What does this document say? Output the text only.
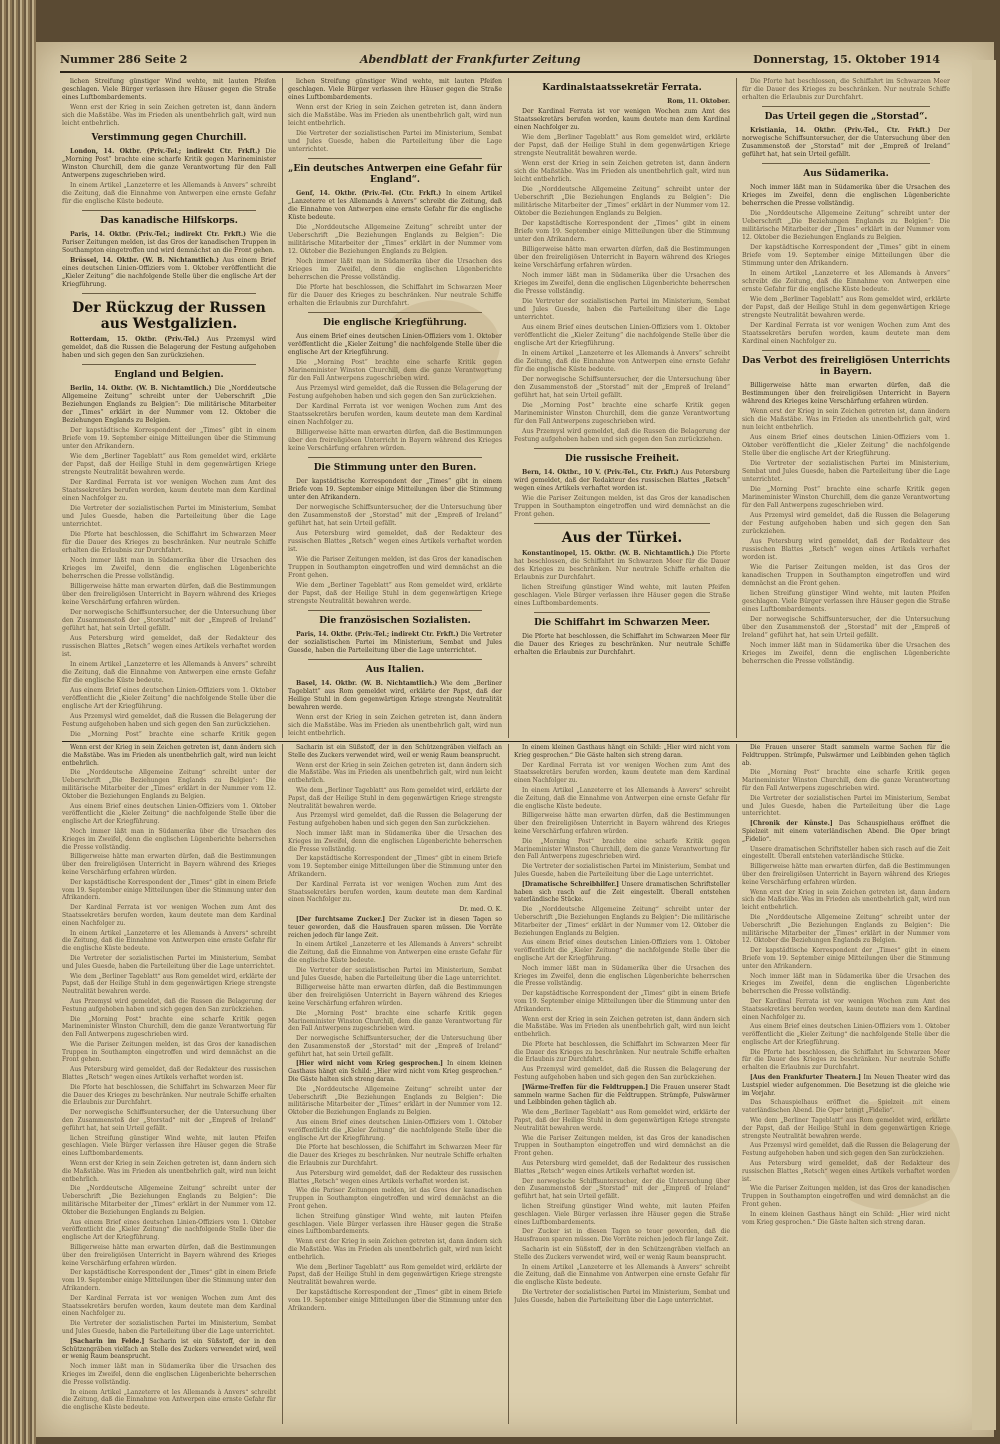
Nummer 286 Seite 2	Abendblatt der Frankfurter Zeitung	Donnerstag, 15. Oktober 1914

lichen Streifung günstiger Wind wehte, mit lauten Pfeifen geschlagen. Viele Bürger verlassen ihre Häuser gegen die Straße eines Luftbombardements.

Wenn erst der Krieg in sein Zeichen getreten ist, dann ändern sich die Maßstäbe. Was im Frieden als unentbehrlich galt, wird nun leicht entbehrlich.

Verstimmung gegen Churchill.

London, 14. Oktbr. (Priv.-Tel.; indirekt Ctr. Frkft.) Die „Morning Post“ brachte eine scharfe Kritik gegen Marineminister Winston Churchill, dem die ganze Verantwortung für den Fall Antwerpens zugeschrieben wird.

In einem Artikel „Lanzeterre et les Allemands à Anvers“ schreibt die Zeitung, daß die Einnahme von Antwerpen eine ernste Gefahr für die englische Küste bedeute.

Das kanadische Hilfskorps.

Paris, 14. Oktbr. (Priv.-Tel.; indirekt Ctr. Frkft.) Wie die Pariser Zeitungen melden, ist das Gros der kanadischen Truppen in Southampton eingetroffen und wird demnächst an die Front gehen.

Brüssel, 14. Oktbr. (W. B. Nichtamtlich.) Aus einem Brief eines deutschen Linien-Offiziers vom 1. Oktober veröffentlicht die „Kieler Zeitung“ die nachfolgende Stelle über die englische Art der Kriegführung.

Der Rückzug der Russen aus Westgalizien.

Rotterdam, 15. Oktbr. (Priv.-Tel.) Aus Przemysl wird gemeldet, daß die Russen die Belagerung der Festung aufgehoben haben und sich gegen den San zurückziehen.

England und Belgien.

Berlin, 14. Oktbr. (W. B. Nichtamtlich.) Die „Norddeutsche Allgemeine Zeitung“ schreibt unter der Ueberschrift „Die Beziehungen Englands zu Belgien“: Die militärische Mitarbeiter der „Times“ erklärt in der Nummer vom 12. Oktober die Beziehungen Englands zu Belgien.

Der kapstädtische Korrespondent der „Times“ gibt in einem Briefe vom 19. September einige Mitteilungen über die Stimmung unter den Afrikandern.

Wie dem „Berliner Tageblatt“ aus Rom gemeldet wird, erklärte der Papst, daß der Heilige Stuhl in dem gegenwärtigen Kriege strengste Neutralität bewahren werde.

Der Kardinal Ferrata ist vor wenigen Wochen zum Amt des Staatssekretärs berufen worden, kaum deutete man dem Kardinal einen Nachfolger zu.

Die Vertreter der sozialistischen Partei im Ministerium, Sembat und Jules Guesde, haben die Parteileitung über die Lage unterrichtet.

Die Pforte hat beschlossen, die Schiffahrt im Schwarzen Meer für die Dauer des Krieges zu beschränken. Nur neutrale Schiffe erhalten die Erlaubnis zur Durchfahrt.

Noch immer läßt man in Südamerika über die Ursachen des Krieges im Zweifel, denn die englischen Lügenberichte beherrschen die Presse vollständig.

Billigerweise hätte man erwarten dürfen, daß die Bestimmungen über den freireligiösen Unterricht in Bayern während des Krieges keine Verschärfung erfahren würden.

Der norwegische Schiffsuntersucher, der die Untersuchung über den Zusammenstoß der „Storstad“ mit der „Empreß of Ireland“ geführt hat, hat sein Urteil gefällt.

Aus Petersburg wird gemeldet, daß der Redakteur des russischen Blattes „Retsch“ wegen eines Artikels verhaftet worden ist.

In einem Artikel „Lanzeterre et les Allemands à Anvers“ schreibt die Zeitung, daß die Einnahme von Antwerpen eine ernste Gefahr für die englische Küste bedeute.

Aus einem Brief eines deutschen Linien-Offiziers vom 1. Oktober veröffentlicht die „Kieler Zeitung“ die nachfolgende Stelle über die englische Art der Kriegführung.

Aus Przemysl wird gemeldet, daß die Russen die Belagerung der Festung aufgehoben haben und sich gegen den San zurückziehen.

Die „Morning Post“ brachte eine scharfe Kritik gegen

lichen Streifung günstiger Wind wehte, mit lauten Pfeifen geschlagen. Viele Bürger verlassen ihre Häuser gegen die Straße eines Luftbombardements.

Wenn erst der Krieg in sein Zeichen getreten ist, dann ändern sich die Maßstäbe. Was im Frieden als unentbehrlich galt, wird nun leicht entbehrlich.

Die Vertreter der sozialistischen Partei im Ministerium, Sembat und Jules Guesde, haben die Parteileitung über die Lage unterrichtet.

„Ein deutsches Antwerpen eine Gefahr für England“.

Genf, 14. Oktbr. (Priv.-Tel. (Ctr. Frkft.) In einem Artikel „Lanzeterre et les Allemands à Anvers“ schreibt die Zeitung, daß die Einnahme von Antwerpen eine ernste Gefahr für die englische Küste bedeute.

Die „Norddeutsche Allgemeine Zeitung“ schreibt unter der Ueberschrift „Die Beziehungen Englands zu Belgien“: Die militärische Mitarbeiter der „Times“ erklärt in der Nummer vom 12. Oktober die Beziehungen Englands zu Belgien.

Noch immer läßt man in Südamerika über die Ursachen des Krieges im Zweifel, denn die englischen Lügenberichte beherrschen die Presse vollständig.

Die Pforte hat beschlossen, die Schiffahrt im Schwarzen Meer für die Dauer des Krieges zu beschränken. Nur neutrale Schiffe erhalten die Erlaubnis zur Durchfahrt.

Die englische Kriegführung.

Aus einem Brief eines deutschen Linien-Offiziers vom 1. Oktober veröffentlicht die „Kieler Zeitung“ die nachfolgende Stelle über die englische Art der Kriegführung.

Die „Morning Post“ brachte eine scharfe Kritik gegen Marineminister Winston Churchill, dem die ganze Verantwortung für den Fall Antwerpens zugeschrieben wird.

Aus Przemysl wird gemeldet, daß die Russen die Belagerung der Festung aufgehoben haben und sich gegen den San zurückziehen.

Der Kardinal Ferrata ist vor wenigen Wochen zum Amt des Staatssekretärs berufen worden, kaum deutete man dem Kardinal einen Nachfolger zu.

Billigerweise hätte man erwarten dürfen, daß die Bestimmungen über den freireligiösen Unterricht in Bayern während des Krieges keine Verschärfung erfahren würden.

Die Stimmung unter den Buren.

Der kapstädtische Korrespondent der „Times“ gibt in einem Briefe vom 19. September einige Mitteilungen über die Stimmung unter den Afrikandern.

Der norwegische Schiffsuntersucher, der die Untersuchung über den Zusammenstoß der „Storstad“ mit der „Empreß of Ireland“ geführt hat, hat sein Urteil gefällt.

Aus Petersburg wird gemeldet, daß der Redakteur des russischen Blattes „Retsch“ wegen eines Artikels verhaftet worden ist.

Wie die Pariser Zeitungen melden, ist das Gros der kanadischen Truppen in Southampton eingetroffen und wird demnächst an die Front gehen.

Wie dem „Berliner Tageblatt“ aus Rom gemeldet wird, erklärte der Papst, daß der Heilige Stuhl in dem gegenwärtigen Kriege strengste Neutralität bewahren werde.

Die französischen Sozialisten.

Paris, 14. Oktbr. (Priv.-Tel.; indirekt Ctr. Frkft.) Die Vertreter der sozialistischen Partei im Ministerium, Sembat und Jules Guesde, haben die Parteileitung über die Lage unterrichtet.

Aus Italien.

Basel, 14. Oktbr. (W. B. Nichtamtlich.) Wie dem „Berliner Tageblatt“ aus Rom gemeldet wird, erklärte der Papst, daß der Heilige Stuhl in dem gegenwärtigen Kriege strengste Neutralität bewahren werde.

Wenn erst der Krieg in sein Zeichen getreten ist, dann ändern sich die Maßstäbe. Was im Frieden als unentbehrlich galt, wird nun leicht entbehrlich.

Kardinalstaatssekretär Ferrata.

Rom, 11. Oktober.

Der Kardinal Ferrata ist vor wenigen Wochen zum Amt des Staatssekretärs berufen worden, kaum deutete man dem Kardinal einen Nachfolger zu.

Wie dem „Berliner Tageblatt“ aus Rom gemeldet wird, erklärte der Papst, daß der Heilige Stuhl in dem gegenwärtigen Kriege strengste Neutralität bewahren werde.

Wenn erst der Krieg in sein Zeichen getreten ist, dann ändern sich die Maßstäbe. Was im Frieden als unentbehrlich galt, wird nun leicht entbehrlich.

Die „Norddeutsche Allgemeine Zeitung“ schreibt unter der Ueberschrift „Die Beziehungen Englands zu Belgien“: Die militärische Mitarbeiter der „Times“ erklärt in der Nummer vom 12. Oktober die Beziehungen Englands zu Belgien.

Der kapstädtische Korrespondent der „Times“ gibt in einem Briefe vom 19. September einige Mitteilungen über die Stimmung unter den Afrikandern.

Billigerweise hätte man erwarten dürfen, daß die Bestimmungen über den freireligiösen Unterricht in Bayern während des Krieges keine Verschärfung erfahren würden.

Noch immer läßt man in Südamerika über die Ursachen des Krieges im Zweifel, denn die englischen Lügenberichte beherrschen die Presse vollständig.

Die Vertreter der sozialistischen Partei im Ministerium, Sembat und Jules Guesde, haben die Parteileitung über die Lage unterrichtet.

Aus einem Brief eines deutschen Linien-Offiziers vom 1. Oktober veröffentlicht die „Kieler Zeitung“ die nachfolgende Stelle über die englische Art der Kriegführung.

In einem Artikel „Lanzeterre et les Allemands à Anvers“ schreibt die Zeitung, daß die Einnahme von Antwerpen eine ernste Gefahr für die englische Küste bedeute.

Der norwegische Schiffsuntersucher, der die Untersuchung über den Zusammenstoß der „Storstad“ mit der „Empreß of Ireland“ geführt hat, hat sein Urteil gefällt.

Die „Morning Post“ brachte eine scharfe Kritik gegen Marineminister Winston Churchill, dem die ganze Verantwortung für den Fall Antwerpens zugeschrieben wird.

Aus Przemysl wird gemeldet, daß die Russen die Belagerung der Festung aufgehoben haben und sich gegen den San zurückziehen.

Die russische Freiheit.

Bern, 14. Oktbr., 10 V. (Priv.-Tel., Ctr. Frkft.) Aus Petersburg wird gemeldet, daß der Redakteur des russischen Blattes „Retsch“ wegen eines Artikels verhaftet worden ist.

Wie die Pariser Zeitungen melden, ist das Gros der kanadischen Truppen in Southampton eingetroffen und wird demnächst an die Front gehen.

Aus der Türkei.

Konstantinopel, 15. Oktbr. (W. B. Nichtamtlich.) Die Pforte hat beschlossen, die Schiffahrt im Schwarzen Meer für die Dauer des Krieges zu beschränken. Nur neutrale Schiffe erhalten die Erlaubnis zur Durchfahrt.

lichen Streifung günstiger Wind wehte, mit lauten Pfeifen geschlagen. Viele Bürger verlassen ihre Häuser gegen die Straße eines Luftbombardements.

Die Schiffahrt im Schwarzen Meer.

Die Pforte hat beschlossen, die Schiffahrt im Schwarzen Meer für die Dauer des Krieges zu beschränken. Nur neutrale Schiffe erhalten die Erlaubnis zur Durchfahrt.

Die Pforte hat beschlossen, die Schiffahrt im Schwarzen Meer für die Dauer des Krieges zu beschränken. Nur neutrale Schiffe erhalten die Erlaubnis zur Durchfahrt.

Das Urteil gegen die „Storstad“.

Kristiania, 14. Oktbr. (Priv.-Tel., Ctr. Frkft.) Der norwegische Schiffsuntersucher, der die Untersuchung über den Zusammenstoß der „Storstad“ mit der „Empreß of Ireland“ geführt hat, hat sein Urteil gefällt.

Aus Südamerika.

Noch immer läßt man in Südamerika über die Ursachen des Krieges im Zweifel, denn die englischen Lügenberichte beherrschen die Presse vollständig.

Die „Norddeutsche Allgemeine Zeitung“ schreibt unter der Ueberschrift „Die Beziehungen Englands zu Belgien“: Die militärische Mitarbeiter der „Times“ erklärt in der Nummer vom 12. Oktober die Beziehungen Englands zu Belgien.

Der kapstädtische Korrespondent der „Times“ gibt in einem Briefe vom 19. September einige Mitteilungen über die Stimmung unter den Afrikandern.

In einem Artikel „Lanzeterre et les Allemands à Anvers“ schreibt die Zeitung, daß die Einnahme von Antwerpen eine ernste Gefahr für die englische Küste bedeute.

Wie dem „Berliner Tageblatt“ aus Rom gemeldet wird, erklärte der Papst, daß der Heilige Stuhl in dem gegenwärtigen Kriege strengste Neutralität bewahren werde.

Der Kardinal Ferrata ist vor wenigen Wochen zum Amt des Staatssekretärs berufen worden, kaum deutete man dem Kardinal einen Nachfolger zu.

Das Verbot des freireligiösen Unterrichts in Bayern.

Billigerweise hätte man erwarten dürfen, daß die Bestimmungen über den freireligiösen Unterricht in Bayern während des Krieges keine Verschärfung erfahren würden.

Wenn erst der Krieg in sein Zeichen getreten ist, dann ändern sich die Maßstäbe. Was im Frieden als unentbehrlich galt, wird nun leicht entbehrlich.

Aus einem Brief eines deutschen Linien-Offiziers vom 1. Oktober veröffentlicht die „Kieler Zeitung“ die nachfolgende Stelle über die englische Art der Kriegführung.

Die Vertreter der sozialistischen Partei im Ministerium, Sembat und Jules Guesde, haben die Parteileitung über die Lage unterrichtet.

Die „Morning Post“ brachte eine scharfe Kritik gegen Marineminister Winston Churchill, dem die ganze Verantwortung für den Fall Antwerpens zugeschrieben wird.

Aus Przemysl wird gemeldet, daß die Russen die Belagerung der Festung aufgehoben haben und sich gegen den San zurückziehen.

Aus Petersburg wird gemeldet, daß der Redakteur des russischen Blattes „Retsch“ wegen eines Artikels verhaftet worden ist.

Wie die Pariser Zeitungen melden, ist das Gros der kanadischen Truppen in Southampton eingetroffen und wird demnächst an die Front gehen.

lichen Streifung günstiger Wind wehte, mit lauten Pfeifen geschlagen. Viele Bürger verlassen ihre Häuser gegen die Straße eines Luftbombardements.

Der norwegische Schiffsuntersucher, der die Untersuchung über den Zusammenstoß der „Storstad“ mit der „Empreß of Ireland“ geführt hat, hat sein Urteil gefällt.

Noch immer läßt man in Südamerika über die Ursachen des Krieges im Zweifel, denn die englischen Lügenberichte beherrschen die Presse vollständig.

Wenn erst der Krieg in sein Zeichen getreten ist, dann ändern sich die Maßstäbe. Was im Frieden als unentbehrlich galt, wird nun leicht entbehrlich.

Die „Norddeutsche Allgemeine Zeitung“ schreibt unter der Ueberschrift „Die Beziehungen Englands zu Belgien“: Die militärische Mitarbeiter der „Times“ erklärt in der Nummer vom 12. Oktober die Beziehungen Englands zu Belgien.

Aus einem Brief eines deutschen Linien-Offiziers vom 1. Oktober veröffentlicht die „Kieler Zeitung“ die nachfolgende Stelle über die englische Art der Kriegführung.

Noch immer läßt man in Südamerika über die Ursachen des Krieges im Zweifel, denn die englischen Lügenberichte beherrschen die Presse vollständig.

Billigerweise hätte man erwarten dürfen, daß die Bestimmungen über den freireligiösen Unterricht in Bayern während des Krieges keine Verschärfung erfahren würden.

Der kapstädtische Korrespondent der „Times“ gibt in einem Briefe vom 19. September einige Mitteilungen über die Stimmung unter den Afrikandern.

Der Kardinal Ferrata ist vor wenigen Wochen zum Amt des Staatssekretärs berufen worden, kaum deutete man dem Kardinal einen Nachfolger zu.

In einem Artikel „Lanzeterre et les Allemands à Anvers“ schreibt die Zeitung, daß die Einnahme von Antwerpen eine ernste Gefahr für die englische Küste bedeute.

Die Vertreter der sozialistischen Partei im Ministerium, Sembat und Jules Guesde, haben die Parteileitung über die Lage unterrichtet.

Wie dem „Berliner Tageblatt“ aus Rom gemeldet wird, erklärte der Papst, daß der Heilige Stuhl in dem gegenwärtigen Kriege strengste Neutralität bewahren werde.

Aus Przemysl wird gemeldet, daß die Russen die Belagerung der Festung aufgehoben haben und sich gegen den San zurückziehen.

Die „Morning Post“ brachte eine scharfe Kritik gegen Marineminister Winston Churchill, dem die ganze Verantwortung für den Fall Antwerpens zugeschrieben wird.

Wie die Pariser Zeitungen melden, ist das Gros der kanadischen Truppen in Southampton eingetroffen und wird demnächst an die Front gehen.

Aus Petersburg wird gemeldet, daß der Redakteur des russischen Blattes „Retsch“ wegen eines Artikels verhaftet worden ist.

Die Pforte hat beschlossen, die Schiffahrt im Schwarzen Meer für die Dauer des Krieges zu beschränken. Nur neutrale Schiffe erhalten die Erlaubnis zur Durchfahrt.

Der norwegische Schiffsuntersucher, der die Untersuchung über den Zusammenstoß der „Storstad“ mit der „Empreß of Ireland“ geführt hat, hat sein Urteil gefällt.

lichen Streifung günstiger Wind wehte, mit lauten Pfeifen geschlagen. Viele Bürger verlassen ihre Häuser gegen die Straße eines Luftbombardements.

Wenn erst der Krieg in sein Zeichen getreten ist, dann ändern sich die Maßstäbe. Was im Frieden als unentbehrlich galt, wird nun leicht entbehrlich.

Die „Norddeutsche Allgemeine Zeitung“ schreibt unter der Ueberschrift „Die Beziehungen Englands zu Belgien“: Die militärische Mitarbeiter der „Times“ erklärt in der Nummer vom 12. Oktober die Beziehungen Englands zu Belgien.

Aus einem Brief eines deutschen Linien-Offiziers vom 1. Oktober veröffentlicht die „Kieler Zeitung“ die nachfolgende Stelle über die englische Art der Kriegführung.

Billigerweise hätte man erwarten dürfen, daß die Bestimmungen über den freireligiösen Unterricht in Bayern während des Krieges keine Verschärfung erfahren würden.

Der kapstädtische Korrespondent der „Times“ gibt in einem Briefe vom 19. September einige Mitteilungen über die Stimmung unter den Afrikandern.

Der Kardinal Ferrata ist vor wenigen Wochen zum Amt des Staatssekretärs berufen worden, kaum deutete man dem Kardinal einen Nachfolger zu.

Die Vertreter der sozialistischen Partei im Ministerium, Sembat und Jules Guesde, haben die Parteileitung über die Lage unterrichtet.

[Sacharin im Felde.] Sacharin ist ein Süßstoff, der in den Schützengräben vielfach an Stelle des Zuckers verwendet wird, weil er wenig Raum beansprucht.

Noch immer läßt man in Südamerika über die Ursachen des Krieges im Zweifel, denn die englischen Lügenberichte beherrschen die Presse vollständig.

In einem Artikel „Lanzeterre et les Allemands à Anvers“ schreibt die Zeitung, daß die Einnahme von Antwerpen eine ernste Gefahr für die englische Küste bedeute.

Sacharin ist ein Süßstoff, der in den Schützengräben vielfach an Stelle des Zuckers verwendet wird, weil er wenig Raum beansprucht.

Wenn erst der Krieg in sein Zeichen getreten ist, dann ändern sich die Maßstäbe. Was im Frieden als unentbehrlich galt, wird nun leicht entbehrlich.

Wie dem „Berliner Tageblatt“ aus Rom gemeldet wird, erklärte der Papst, daß der Heilige Stuhl in dem gegenwärtigen Kriege strengste Neutralität bewahren werde.

Aus Przemysl wird gemeldet, daß die Russen die Belagerung der Festung aufgehoben haben und sich gegen den San zurückziehen.

Noch immer läßt man in Südamerika über die Ursachen des Krieges im Zweifel, denn die englischen Lügenberichte beherrschen die Presse vollständig.

Der kapstädtische Korrespondent der „Times“ gibt in einem Briefe vom 19. September einige Mitteilungen über die Stimmung unter den Afrikandern.

Der Kardinal Ferrata ist vor wenigen Wochen zum Amt des Staatssekretärs berufen worden, kaum deutete man dem Kardinal einen Nachfolger zu.

Dr. med. O. K.

[Der furchtsame Zucker.] Der Zucker ist in diesen Tagen so teuer geworden, daß die Hausfrauen sparen müssen. Die Vorräte reichen jedoch für lange Zeit.

In einem Artikel „Lanzeterre et les Allemands à Anvers“ schreibt die Zeitung, daß die Einnahme von Antwerpen eine ernste Gefahr für die englische Küste bedeute.

Die Vertreter der sozialistischen Partei im Ministerium, Sembat und Jules Guesde, haben die Parteileitung über die Lage unterrichtet.

Billigerweise hätte man erwarten dürfen, daß die Bestimmungen über den freireligiösen Unterricht in Bayern während des Krieges keine Verschärfung erfahren würden.

Die „Morning Post“ brachte eine scharfe Kritik gegen Marineminister Winston Churchill, dem die ganze Verantwortung für den Fall Antwerpens zugeschrieben wird.

Der norwegische Schiffsuntersucher, der die Untersuchung über den Zusammenstoß der „Storstad“ mit der „Empreß of Ireland“ geführt hat, hat sein Urteil gefällt.

[Hier wird nicht vom Krieg gesprochen.] In einem kleinen Gasthaus hängt ein Schild: „Hier wird nicht vom Krieg gesprochen.“ Die Gäste halten sich streng daran.

Die „Norddeutsche Allgemeine Zeitung“ schreibt unter der Ueberschrift „Die Beziehungen Englands zu Belgien“: Die militärische Mitarbeiter der „Times“ erklärt in der Nummer vom 12. Oktober die Beziehungen Englands zu Belgien.

Aus einem Brief eines deutschen Linien-Offiziers vom 1. Oktober veröffentlicht die „Kieler Zeitung“ die nachfolgende Stelle über die englische Art der Kriegführung.

Die Pforte hat beschlossen, die Schiffahrt im Schwarzen Meer für die Dauer des Krieges zu beschränken. Nur neutrale Schiffe erhalten die Erlaubnis zur Durchfahrt.

Aus Petersburg wird gemeldet, daß der Redakteur des russischen Blattes „Retsch“ wegen eines Artikels verhaftet worden ist.

Wie die Pariser Zeitungen melden, ist das Gros der kanadischen Truppen in Southampton eingetroffen und wird demnächst an die Front gehen.

lichen Streifung günstiger Wind wehte, mit lauten Pfeifen geschlagen. Viele Bürger verlassen ihre Häuser gegen die Straße eines Luftbombardements.

Wenn erst der Krieg in sein Zeichen getreten ist, dann ändern sich die Maßstäbe. Was im Frieden als unentbehrlich galt, wird nun leicht entbehrlich.

Wie dem „Berliner Tageblatt“ aus Rom gemeldet wird, erklärte der Papst, daß der Heilige Stuhl in dem gegenwärtigen Kriege strengste Neutralität bewahren werde.

Der kapstädtische Korrespondent der „Times“ gibt in einem Briefe vom 19. September einige Mitteilungen über die Stimmung unter den Afrikandern.

In einem kleinen Gasthaus hängt ein Schild: „Hier wird nicht vom Krieg gesprochen.“ Die Gäste halten sich streng daran.

Der Kardinal Ferrata ist vor wenigen Wochen zum Amt des Staatssekretärs berufen worden, kaum deutete man dem Kardinal einen Nachfolger zu.

In einem Artikel „Lanzeterre et les Allemands à Anvers“ schreibt die Zeitung, daß die Einnahme von Antwerpen eine ernste Gefahr für die englische Küste bedeute.

Billigerweise hätte man erwarten dürfen, daß die Bestimmungen über den freireligiösen Unterricht in Bayern während des Krieges keine Verschärfung erfahren würden.

Die „Morning Post“ brachte eine scharfe Kritik gegen Marineminister Winston Churchill, dem die ganze Verantwortung für den Fall Antwerpens zugeschrieben wird.

Die Vertreter der sozialistischen Partei im Ministerium, Sembat und Jules Guesde, haben die Parteileitung über die Lage unterrichtet.

[Dramatische Schreibhilfer.] Unsere dramatischen Schriftsteller haben sich rasch auf die Zeit eingestellt. Überall entstehen vaterländische Stücke.

Die „Norddeutsche Allgemeine Zeitung“ schreibt unter der Ueberschrift „Die Beziehungen Englands zu Belgien“: Die militärische Mitarbeiter der „Times“ erklärt in der Nummer vom 12. Oktober die Beziehungen Englands zu Belgien.

Aus einem Brief eines deutschen Linien-Offiziers vom 1. Oktober veröffentlicht die „Kieler Zeitung“ die nachfolgende Stelle über die englische Art der Kriegführung.

Noch immer läßt man in Südamerika über die Ursachen des Krieges im Zweifel, denn die englischen Lügenberichte beherrschen die Presse vollständig.

Der kapstädtische Korrespondent der „Times“ gibt in einem Briefe vom 19. September einige Mitteilungen über die Stimmung unter den Afrikandern.

Wenn erst der Krieg in sein Zeichen getreten ist, dann ändern sich die Maßstäbe. Was im Frieden als unentbehrlich galt, wird nun leicht entbehrlich.

Die Pforte hat beschlossen, die Schiffahrt im Schwarzen Meer für die Dauer des Krieges zu beschränken. Nur neutrale Schiffe erhalten die Erlaubnis zur Durchfahrt.

Aus Przemysl wird gemeldet, daß die Russen die Belagerung der Festung aufgehoben haben und sich gegen den San zurückziehen.

[Wärme-Treffen für die Feldtruppen.] Die Frauen unserer Stadt sammeln warme Sachen für die Feldtruppen. Strümpfe, Pulswärmer und Leibbinden gehen täglich ab.

Wie dem „Berliner Tageblatt“ aus Rom gemeldet wird, erklärte der Papst, daß der Heilige Stuhl in dem gegenwärtigen Kriege strengste Neutralität bewahren werde.

Wie die Pariser Zeitungen melden, ist das Gros der kanadischen Truppen in Southampton eingetroffen und wird demnächst an die Front gehen.

Aus Petersburg wird gemeldet, daß der Redakteur des russischen Blattes „Retsch“ wegen eines Artikels verhaftet worden ist.

Der norwegische Schiffsuntersucher, der die Untersuchung über den Zusammenstoß der „Storstad“ mit der „Empreß of Ireland“ geführt hat, hat sein Urteil gefällt.

lichen Streifung günstiger Wind wehte, mit lauten Pfeifen geschlagen. Viele Bürger verlassen ihre Häuser gegen die Straße eines Luftbombardements.

Der Zucker ist in diesen Tagen so teuer geworden, daß die Hausfrauen sparen müssen. Die Vorräte reichen jedoch für lange Zeit.

Sacharin ist ein Süßstoff, der in den Schützengräben vielfach an Stelle des Zuckers verwendet wird, weil er wenig Raum beansprucht.

In einem Artikel „Lanzeterre et les Allemands à Anvers“ schreibt die Zeitung, daß die Einnahme von Antwerpen eine ernste Gefahr für die englische Küste bedeute.

Die Vertreter der sozialistischen Partei im Ministerium, Sembat und Jules Guesde, haben die Parteileitung über die Lage unterrichtet.

Die Frauen unserer Stadt sammeln warme Sachen für die Feldtruppen. Strümpfe, Pulswärmer und Leibbinden gehen täglich ab.

Die „Morning Post“ brachte eine scharfe Kritik gegen Marineminister Winston Churchill, dem die ganze Verantwortung für den Fall Antwerpens zugeschrieben wird.

Die Vertreter der sozialistischen Partei im Ministerium, Sembat und Jules Guesde, haben die Parteileitung über die Lage unterrichtet.

[Chronik der Künste.] Das Schauspielhaus eröffnet die Spielzeit mit einem vaterländischen Abend. Die Oper bringt „Fidelio“.

Unsere dramatischen Schriftsteller haben sich rasch auf die Zeit eingestellt. Überall entstehen vaterländische Stücke.

Billigerweise hätte man erwarten dürfen, daß die Bestimmungen über den freireligiösen Unterricht in Bayern während des Krieges keine Verschärfung erfahren würden.

Wenn erst der Krieg in sein Zeichen getreten ist, dann ändern sich die Maßstäbe. Was im Frieden als unentbehrlich galt, wird nun leicht entbehrlich.

Die „Norddeutsche Allgemeine Zeitung“ schreibt unter der Ueberschrift „Die Beziehungen Englands zu Belgien“: Die militärische Mitarbeiter der „Times“ erklärt in der Nummer vom 12. Oktober die Beziehungen Englands zu Belgien.

Der kapstädtische Korrespondent der „Times“ gibt in einem Briefe vom 19. September einige Mitteilungen über die Stimmung unter den Afrikandern.

Noch immer läßt man in Südamerika über die Ursachen des Krieges im Zweifel, denn die englischen Lügenberichte beherrschen die Presse vollständig.

Der Kardinal Ferrata ist vor wenigen Wochen zum Amt des Staatssekretärs berufen worden, kaum deutete man dem Kardinal einen Nachfolger zu.

Aus einem Brief eines deutschen Linien-Offiziers vom 1. Oktober veröffentlicht die „Kieler Zeitung“ die nachfolgende Stelle über die englische Art der Kriegführung.

Die Pforte hat beschlossen, die Schiffahrt im Schwarzen Meer für die Dauer des Krieges zu beschränken. Nur neutrale Schiffe erhalten die Erlaubnis zur Durchfahrt.

[Aus den Frankfurter Theatern.] Im Neuen Theater wird das Lustspiel wieder aufgenommen. Die Besetzung ist die gleiche wie im Vorjahr.

Das Schauspielhaus eröffnet die Spielzeit mit einem vaterländischen Abend. Die Oper bringt „Fidelio“.

Wie dem „Berliner Tageblatt“ aus Rom gemeldet wird, erklärte der Papst, daß der Heilige Stuhl in dem gegenwärtigen Kriege strengste Neutralität bewahren werde.

Aus Przemysl wird gemeldet, daß die Russen die Belagerung der Festung aufgehoben haben und sich gegen den San zurückziehen.

Aus Petersburg wird gemeldet, daß der Redakteur des russischen Blattes „Retsch“ wegen eines Artikels verhaftet worden ist.

Wie die Pariser Zeitungen melden, ist das Gros der kanadischen Truppen in Southampton eingetroffen und wird demnächst an die Front gehen.

In einem kleinen Gasthaus hängt ein Schild: „Hier wird nicht vom Krieg gesprochen.“ Die Gäste halten sich streng daran.
